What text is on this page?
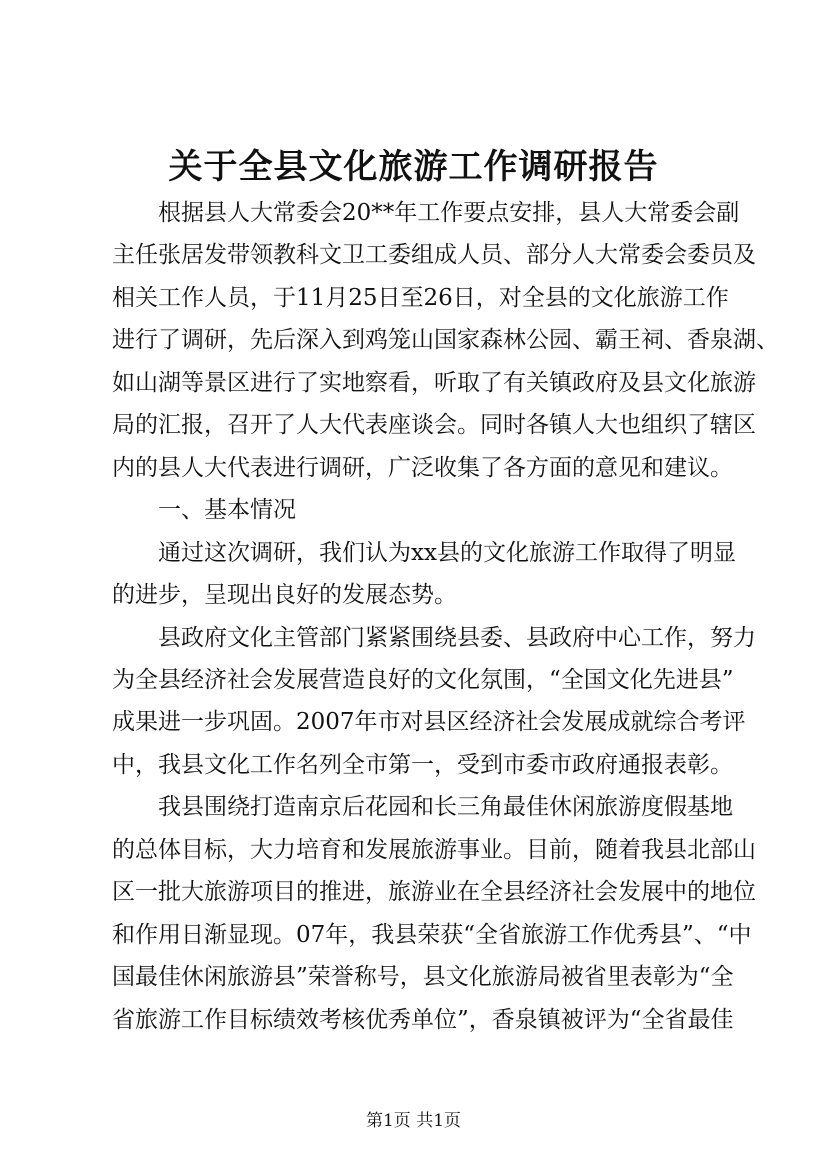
关于全县文化旅游工作调研报告
根据县人大常委会20**年工作要点安排，县人大常委会副
主任张居发带领教科文卫工委组成人员、部分人大常委会委员及
相关工作人员，于11月25日至26日，对全县的文化旅游工作
进行了调研，先后深入到鸡笼山国家森林公园、霸王祠、香泉湖、
如山湖等景区进行了实地察看，听取了有关镇政府及县文化旅游
局的汇报，召开了人大代表座谈会。同时各镇人大也组织了辖区
内的县人大代表进行调研，广泛收集了各方面的意见和建议。
一、基本情况
通过这次调研，我们认为xx县的文化旅游工作取得了明显
的进步，呈现出良好的发展态势。
县政府文化主管部门紧紧围绕县委、县政府中心工作，努力
为全县经济社会发展营造良好的文化氛围，“全国文化先进县”
成果进一步巩固。2007年市对县区经济社会发展成就综合考评
中，我县文化工作名列全市第一，受到市委市政府通报表彰。
我县围绕打造南京后花园和长三角最佳休闲旅游度假基地
的总体目标，大力培育和发展旅游事业。目前，随着我县北部山
区一批大旅游项目的推进，旅游业在全县经济社会发展中的地位
和作用日渐显现。07年，我县荣获“全省旅游工作优秀县”、“中
国最佳休闲旅游县”荣誉称号，县文化旅游局被省里表彰为“全
省旅游工作目标绩效考核优秀单位”，香泉镇被评为“全省最佳
第1页 共1页
